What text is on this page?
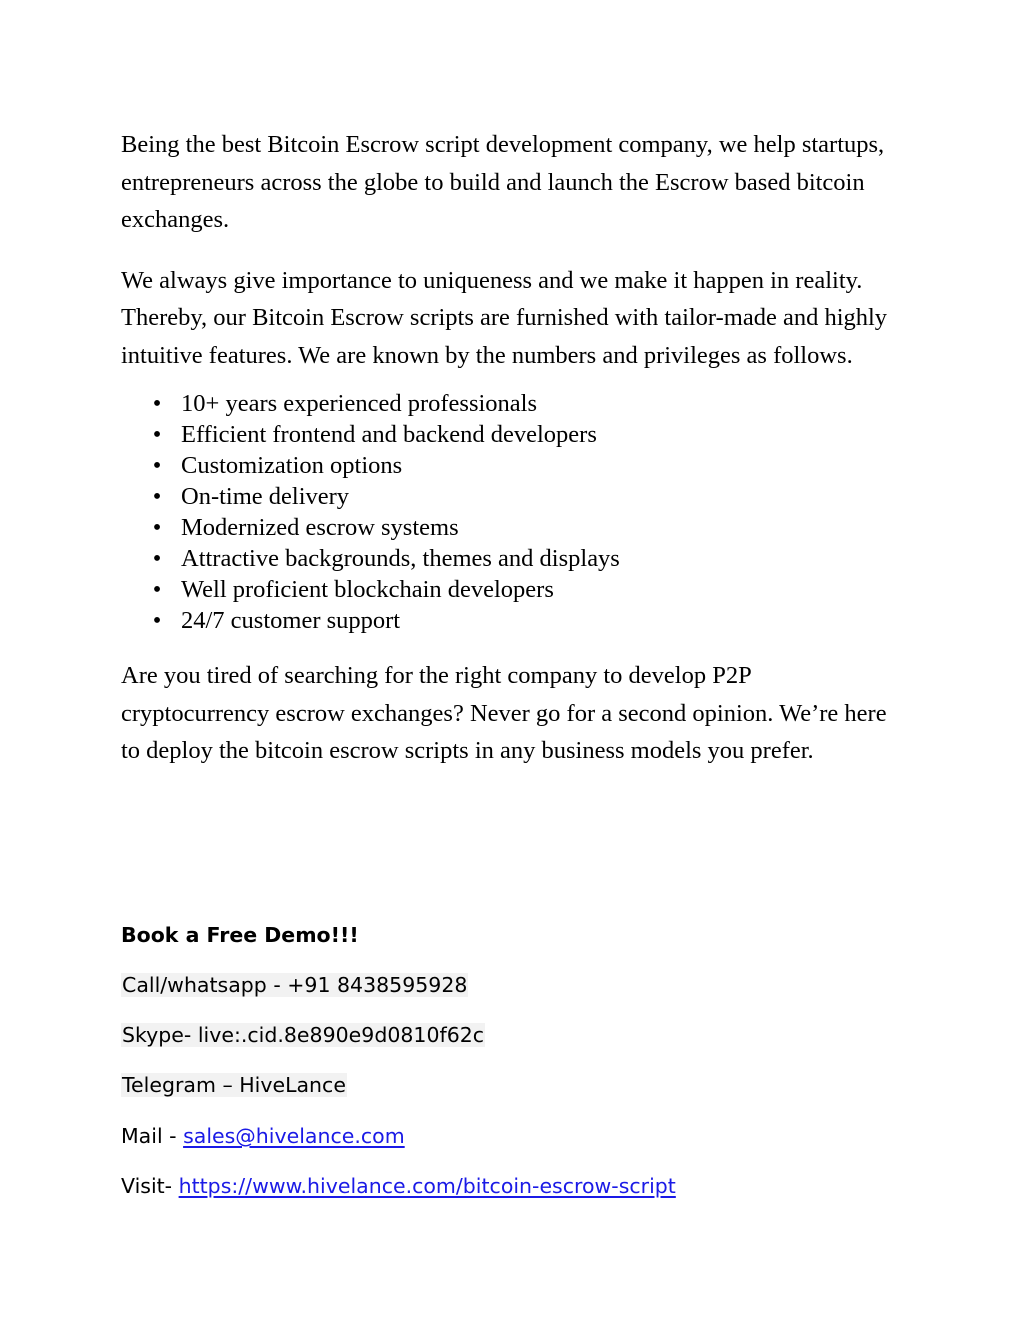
Being the best Bitcoin Escrow script development company, we help startups, entrepreneurs across the globe to build and launch the Escrow based bitcoin exchanges.

We always give importance to uniqueness and we make it happen in reality. Thereby, our Bitcoin Escrow scripts are furnished with tailor-made and highly intuitive features. We are known by the numbers and privileges as follows.

• 10+ years experienced professionals
• Efficient frontend and backend developers
• Customization options
• On-time delivery
• Modernized escrow systems
• Attractive backgrounds, themes and displays
• Well proficient blockchain developers
• 24/7 customer support

Are you tired of searching for the right company to develop P2P cryptocurrency escrow exchanges? Never go for a second opinion. We’re here to deploy the bitcoin escrow scripts in any business models you prefer.

Book a Free Demo!!!
Call/whatsapp - +91 8438595928
Skype- live:.cid.8e890e9d0810f62c
Telegram – HiveLance
Mail - sales@hivelance.com
Visit- https://www.hivelance.com/bitcoin-escrow-script
